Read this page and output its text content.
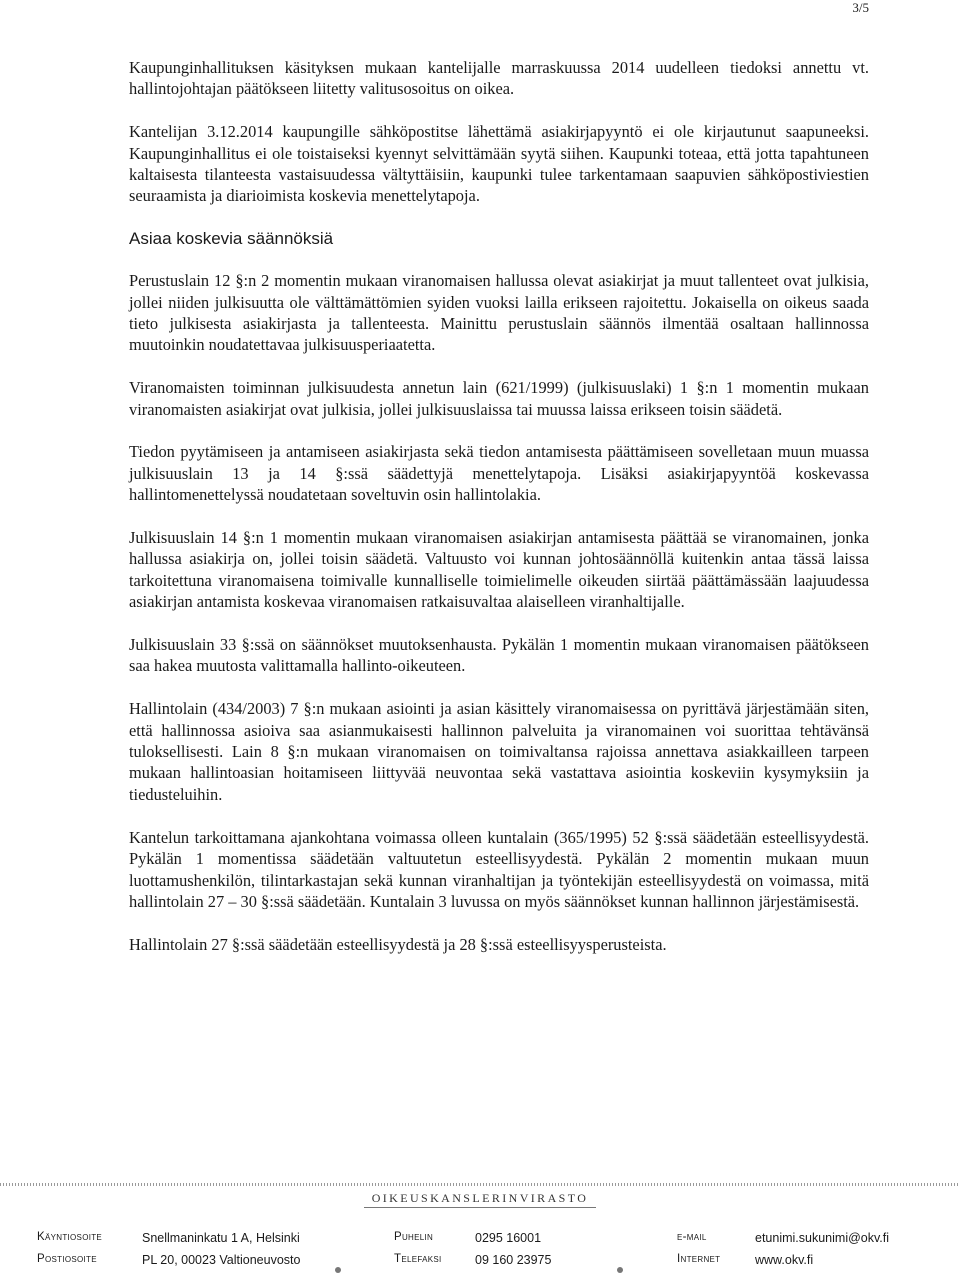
3/5

Kaupunginhallituksen käsityksen mukaan kantelijalle marraskuussa 2014 uudelleen tiedoksi annettu vt. hallintojohtajan päätökseen liitetty valitusosoitus on oikea.

Kantelijan 3.12.2014 kaupungille sähköpostitse lähettämä asiakirjapyyntö ei ole kirjautunut saapuneeksi. Kaupunginhallitus ei ole toistaiseksi kyennyt selvittämään syytä siihen. Kaupunki toteaa, että jotta tapahtuneen kaltaisesta tilanteesta vastaisuudessa vältyttäisiin, kaupunki tulee tarkentamaan saapuvien sähköpostiviestien seuraamista ja diarioimista koskevia menettelytapoja.

Asiaa koskevia säännöksiä

Perustuslain 12 §:n 2 momentin mukaan viranomaisen hallussa olevat asiakirjat ja muut tallenteet ovat julkisia, jollei niiden julkisuutta ole välttämättömien syiden vuoksi lailla erikseen rajoitettu. Jokaisella on oikeus saada tieto julkisesta asiakirjasta ja tallenteesta. Mainittu perustuslain säännös ilmentää osaltaan hallinnossa muutoinkin noudatettavaa julkisuusperiaatetta.

Viranomaisten toiminnan julkisuudesta annetun lain (621/1999) (julkisuuslaki) 1 §:n 1 momentin mukaan viranomaisten asiakirjat ovat julkisia, jollei julkisuuslaissa tai muussa laissa erikseen toisin säädetä.

Tiedon pyytämiseen ja antamiseen asiakirjasta sekä tiedon antamisesta päättämiseen sovelletaan muun muassa julkisuuslain 13 ja 14 §:ssä säädettyjä menettelytapoja. Lisäksi asiakirjapyyntöä koskevassa hallintomenettelyssä noudatetaan soveltuvin osin hallintolakia.

Julkisuuslain 14 §:n 1 momentin mukaan viranomaisen asiakirjan antamisesta päättää se viranomainen, jonka hallussa asiakirja on, jollei toisin säädetä. Valtuusto voi kunnan johtosäännöllä kuitenkin antaa tässä laissa tarkoitettuna viranomaisena toimivalle kunnalliselle toimielimelle oikeuden siirtää päättämässään laajuudessa asiakirjan antamista koskevaa viranomaisen ratkaisuvaltaa alaiselleen viranhaltijalle.

Julkisuuslain 33 §:ssä on säännökset muutoksenhausta. Pykälän 1 momentin mukaan viranomaisen päätökseen saa hakea muutosta valittamalla hallinto-oikeuteen.

Hallintolain (434/2003) 7 §:n mukaan asiointi ja asian käsittely viranomaisessa on pyrittävä järjestämään siten, että hallinnossa asioiva saa asianmukaisesti hallinnon palveluita ja viranomainen voi suorittaa tehtävänsä tuloksellisesti. Lain 8 §:n mukaan viranomaisen on toimivaltansa rajoissa annettava asiakkailleen tarpeen mukaan hallintoasian hoitamiseen liittyvää neuvontaa sekä vastattava asiointia koskeviin kysymyksiin ja tiedusteluihin.

Kantelun tarkoittamana ajankohtana voimassa olleen kuntalain (365/1995) 52 §:ssä säädetään esteellisyydestä. Pykälän 1 momentissa säädetään valtuutetun esteellisyydestä. Pykälän 2 momentin mukaan muun luottamushenkilön, tilintarkastajan sekä kunnan viranhaltijan ja työntekijän esteellisyydestä on voimassa, mitä hallintolain 27 – 30 §:ssä säädetään. Kuntalain 3 luvussa on myös säännökset kunnan hallinnon järjestämisestä.

Hallintolain 27 §:ssä säädetään esteellisyydestä ja 28 §:ssä esteellisyysperusteista.

OIKEUSKANSLERINVIRASTO
Käyntiosoite	Snellmaninkatu 1 A, Helsinki	Puhelin	0295 16001	e-mail	etunimi.sukunimi@okv.fi
Postiosoite	PL 20, 00023 Valtioneuvosto	Telefaksi	09 160 23975	Internet	www.okv.fi
